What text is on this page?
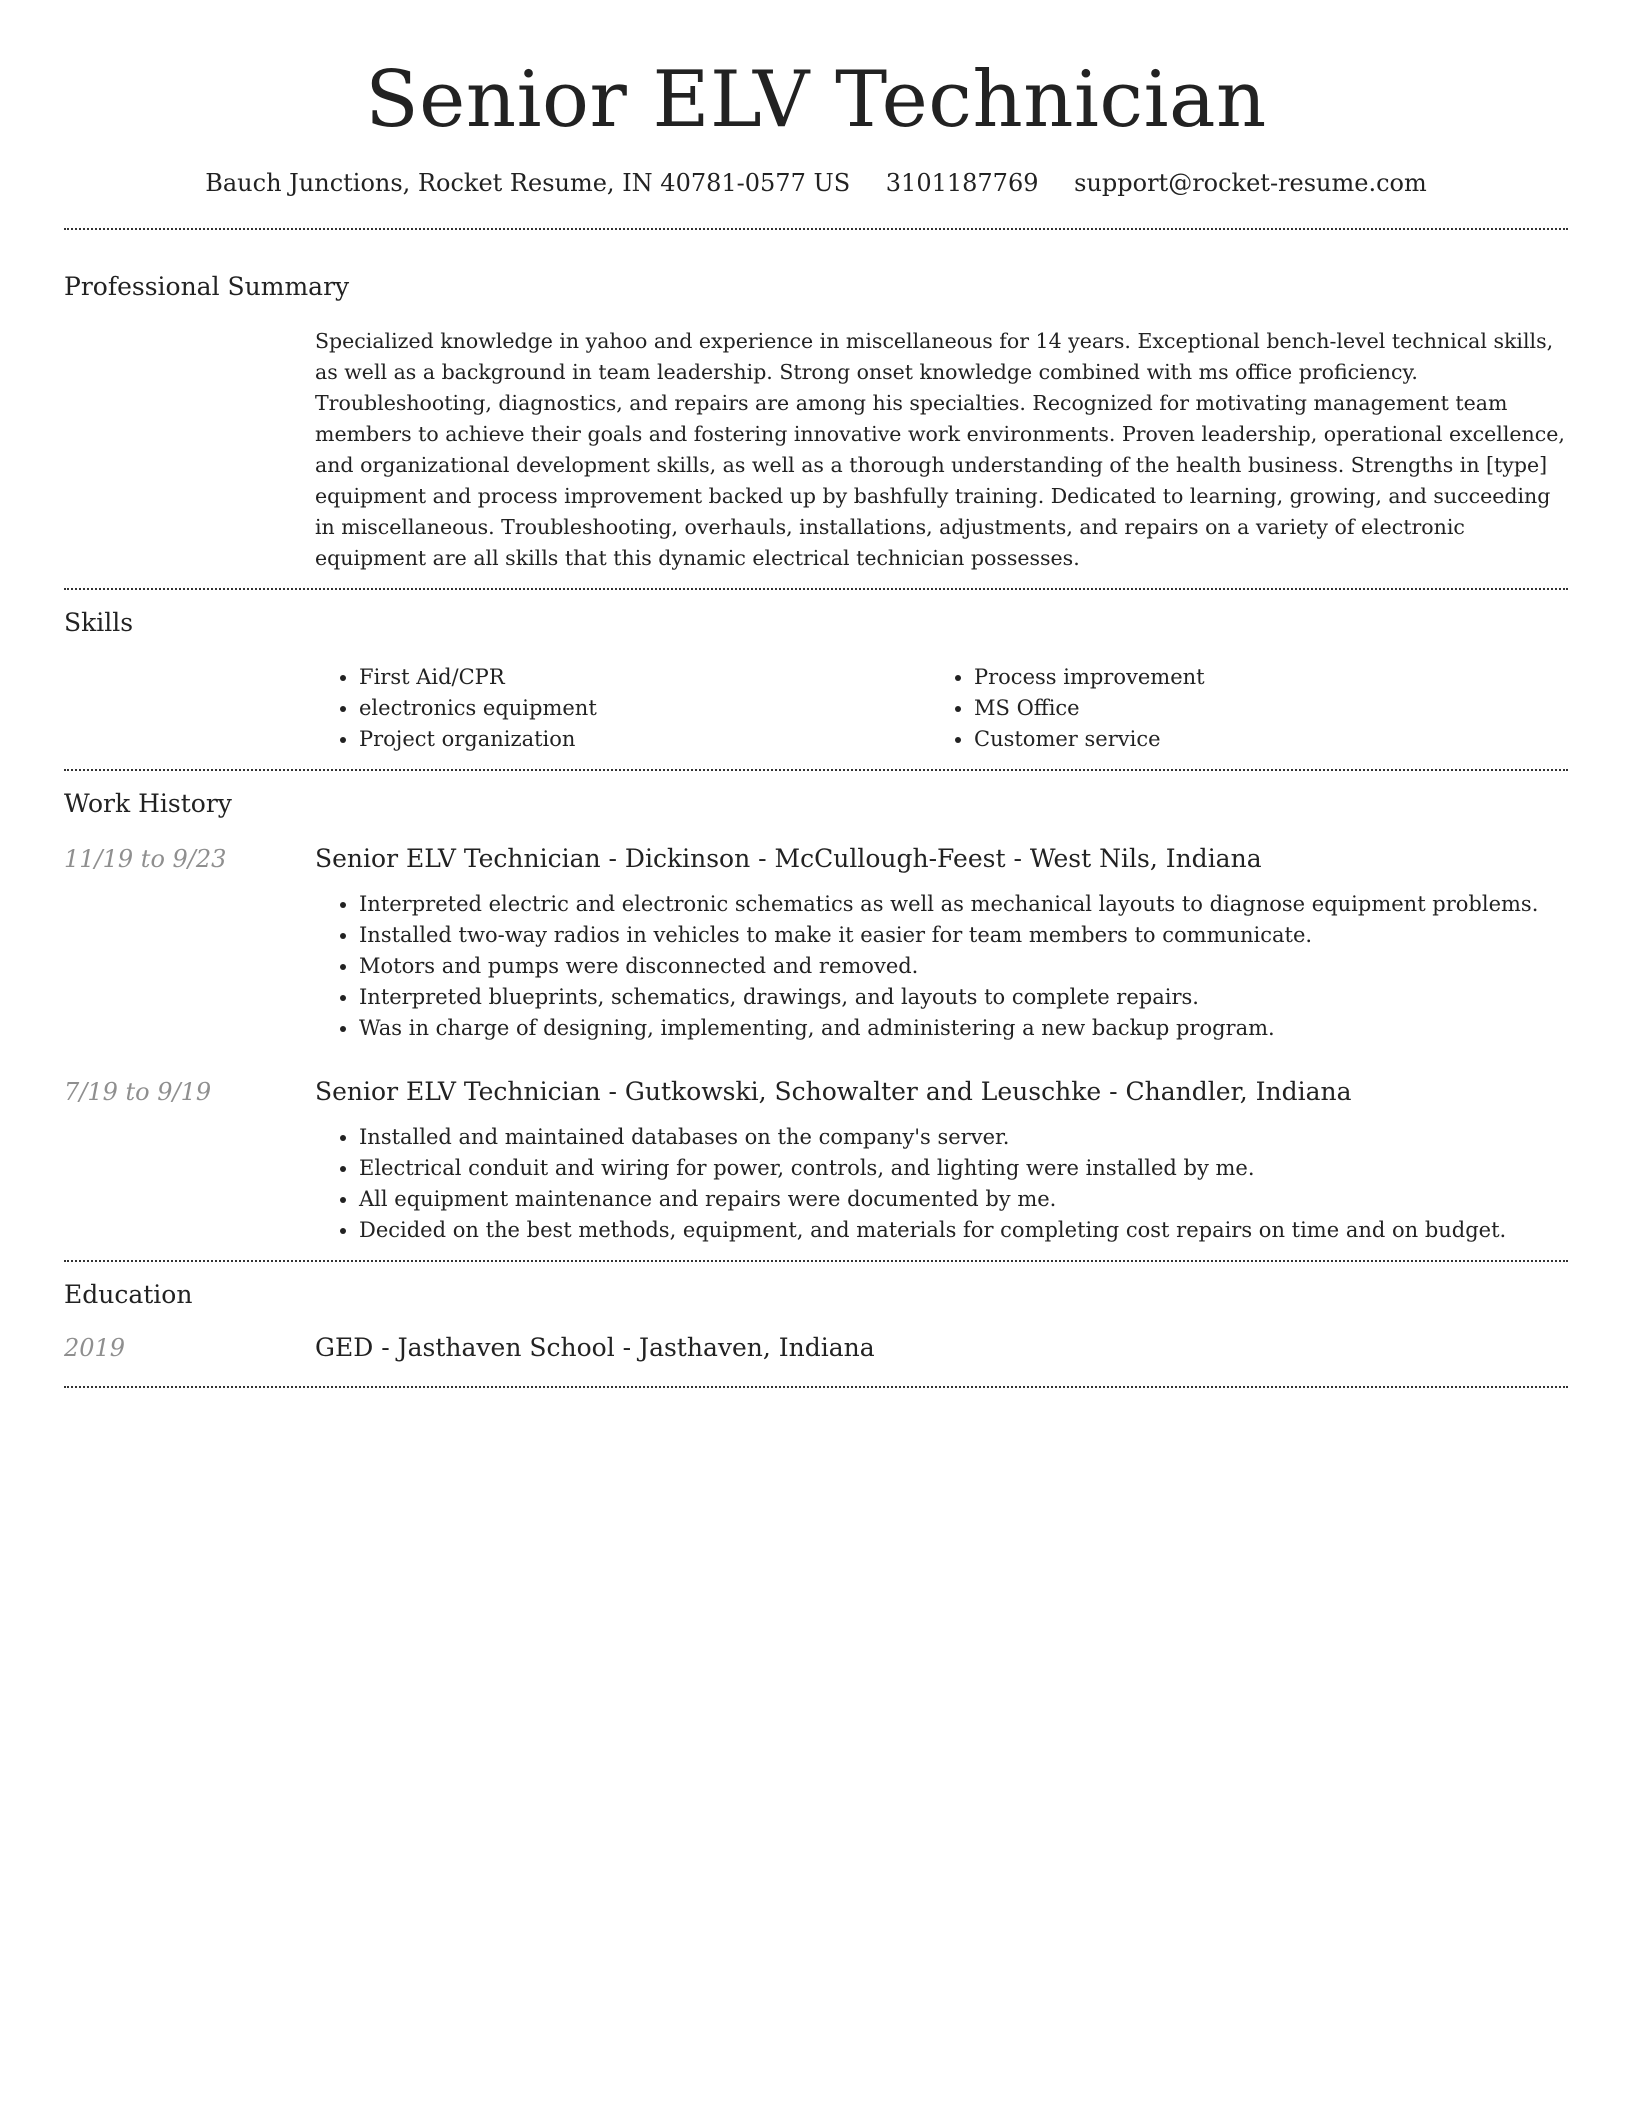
Senior ELV Technician
Bauch Junctions, Rocket Resume, IN 40781-0577 US 3101187769 support@rocket-resume.com
Professional Summary
Specialized knowledge in yahoo and experience in miscellaneous for 14 years. Exceptional bench-level technical skills, as well as a background in team leadership. Strong onset knowledge combined with ms office proficiency. Troubleshooting, diagnostics, and repairs are among his specialties. Recognized for motivating management team members to achieve their goals and fostering innovative work environments. Proven leadership, operational excellence, and organizational development skills, as well as a thorough understanding of the health business. Strengths in [type] equipment and process improvement backed up by bashfully training. Dedicated to learning, growing, and succeeding in miscellaneous. Troubleshooting, overhauls, installations, adjustments, and repairs on a variety of electronic equipment are all skills that this dynamic electrical technician possesses.
Skills
• First Aid/CPR
• electronics equipment
• Project organization
• Process improvement
• MS Office
• Customer service
Work History
11/19 to 9/23	Senior ELV Technician - Dickinson - McCullough-Feest - West Nils, Indiana
• Interpreted electric and electronic schematics as well as mechanical layouts to diagnose equipment problems.
• Installed two-way radios in vehicles to make it easier for team members to communicate.
• Motors and pumps were disconnected and removed.
• Interpreted blueprints, schematics, drawings, and layouts to complete repairs.
• Was in charge of designing, implementing, and administering a new backup program.
7/19 to 9/19	Senior ELV Technician - Gutkowski, Schowalter and Leuschke - Chandler, Indiana
• Installed and maintained databases on the company's server.
• Electrical conduit and wiring for power, controls, and lighting were installed by me.
• All equipment maintenance and repairs were documented by me.
• Decided on the best methods, equipment, and materials for completing cost repairs on time and on budget.
Education
2019	GED - Jasthaven School - Jasthaven, Indiana
